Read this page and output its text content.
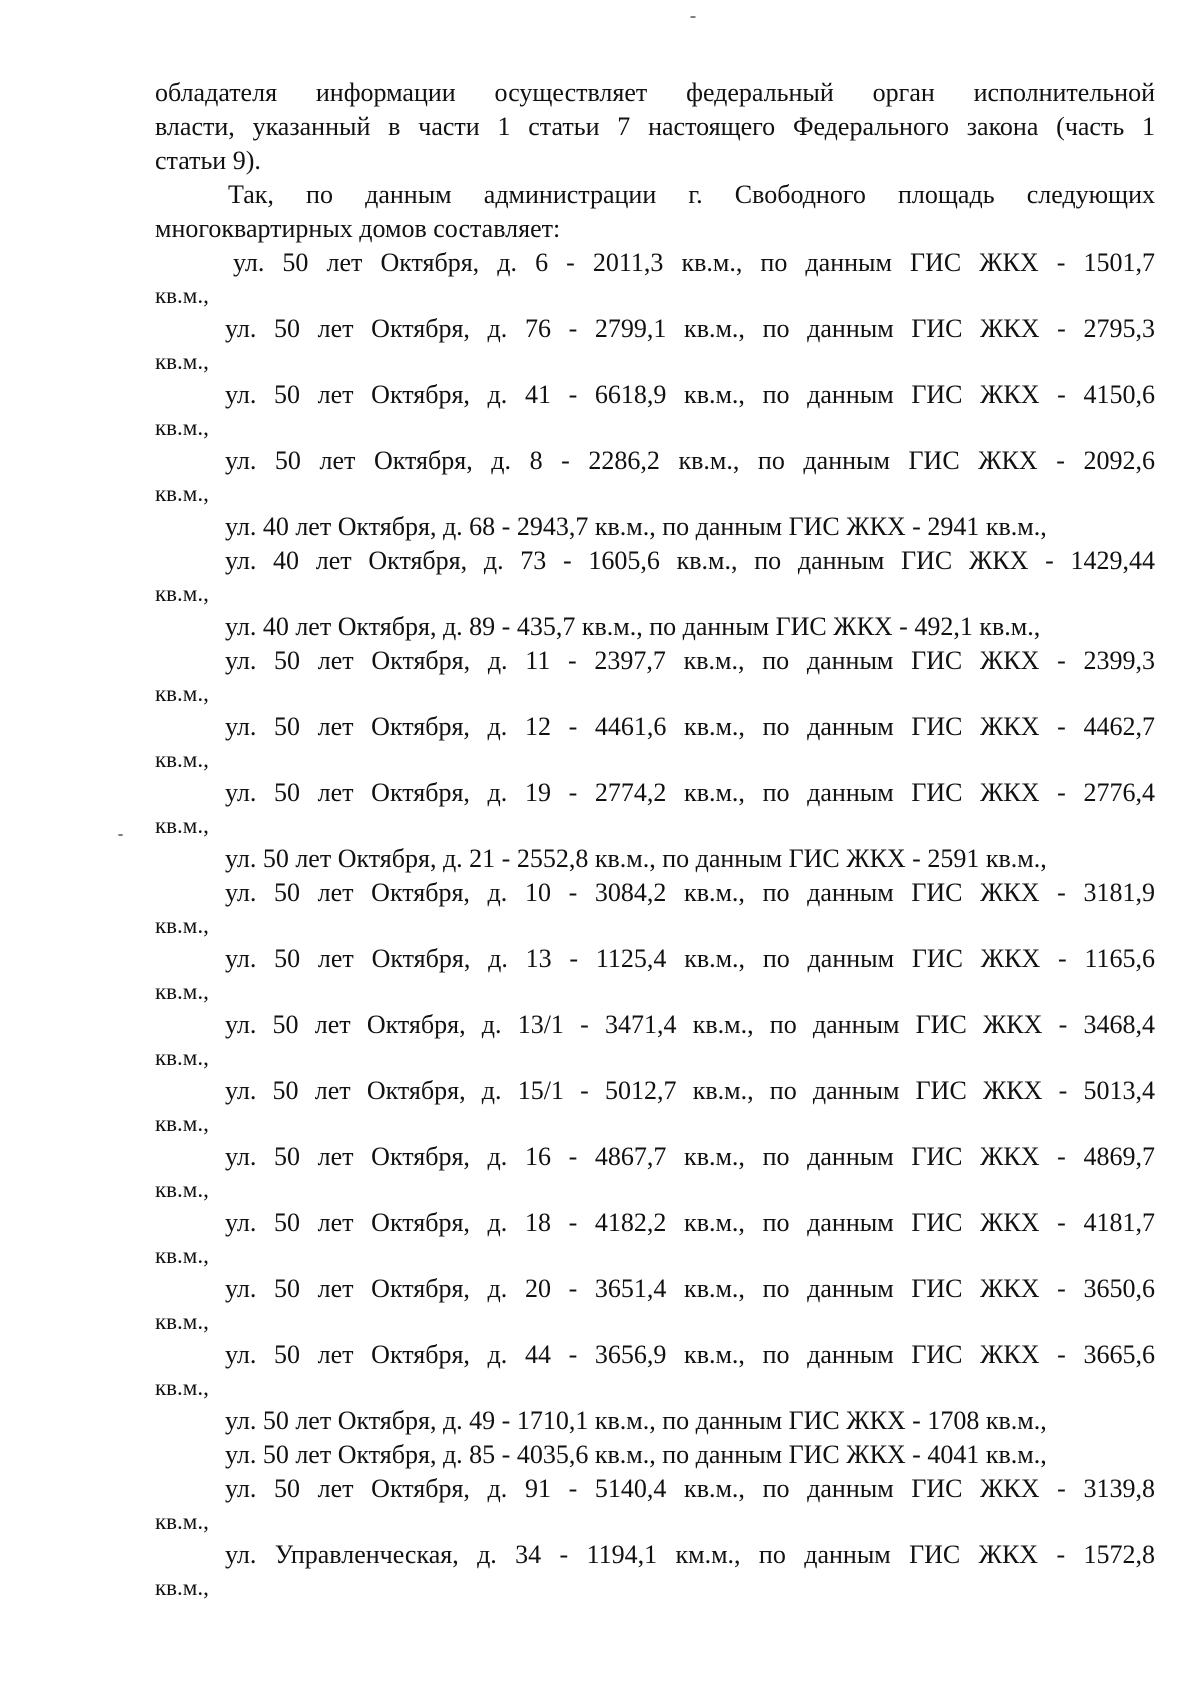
обладателя информации осуществляет федеральный орган исполнительной
власти, указанный в части 1 статьи 7 настоящего Федерального закона (часть 1
статьи 9).
Так, по данным администрации г. Свободного площадь следующих
многоквартирных домов составляет:
ул. 50 лет Октября, д. 6 - 2011,3 кв.м., по данным ГИС ЖКХ - 1501,7
кв.м.,
ул. 50 лет Октября, д. 76 - 2799,1 кв.м., по данным ГИС ЖКХ - 2795,3
кв.м.,
ул. 50 лет Октября, д. 41 - 6618,9 кв.м., по данным ГИС ЖКХ - 4150,6
кв.м.,
ул. 50 лет Октября, д. 8 - 2286,2 кв.м., по данным ГИС ЖКХ - 2092,6
кв.м.,
ул. 40 лет Октября, д. 68 - 2943,7 кв.м., по данным ГИС ЖКХ - 2941 кв.м.,
ул. 40 лет Октября, д. 73 - 1605,6 кв.м., по данным ГИС ЖКХ - 1429,44
кв.м.,
ул. 40 лет Октября, д. 89 - 435,7 кв.м., по данным ГИС ЖКХ - 492,1 кв.м.,
ул. 50 лет Октября, д. 11 - 2397,7 кв.м., по данным ГИС ЖКХ - 2399,3
кв.м.,
ул. 50 лет Октября, д. 12 - 4461,6 кв.м., по данным ГИС ЖКХ - 4462,7
кв.м.,
ул. 50 лет Октября, д. 19 - 2774,2 кв.м., по данным ГИС ЖКХ - 2776,4
кв.м.,
ул. 50 лет Октября, д. 21 - 2552,8 кв.м., по данным ГИС ЖКХ - 2591 кв.м.,
ул. 50 лет Октября, д. 10 - 3084,2 кв.м., по данным ГИС ЖКХ - 3181,9
кв.м.,
ул. 50 лет Октября, д. 13 - 1125,4 кв.м., по данным ГИС ЖКХ - 1165,6
кв.м.,
ул. 50 лет Октября, д. 13/1 - 3471,4 кв.м., по данным ГИС ЖКХ - 3468,4
кв.м.,
ул. 50 лет Октября, д. 15/1 - 5012,7 кв.м., по данным ГИС ЖКХ - 5013,4
кв.м.,
ул. 50 лет Октября, д. 16 - 4867,7 кв.м., по данным ГИС ЖКХ - 4869,7
кв.м.,
ул. 50 лет Октября, д. 18 - 4182,2 кв.м., по данным ГИС ЖКХ - 4181,7
кв.м.,
ул. 50 лет Октября, д. 20 - 3651,4 кв.м., по данным ГИС ЖКХ - 3650,6
кв.м.,
ул. 50 лет Октября, д. 44 - 3656,9 кв.м., по данным ГИС ЖКХ - 3665,6
кв.м.,
ул. 50 лет Октября, д. 49 - 1710,1 кв.м., по данным ГИС ЖКХ - 1708 кв.м.,
ул. 50 лет Октября, д. 85 - 4035,6 кв.м., по данным ГИС ЖКХ - 4041 кв.м.,
ул. 50 лет Октября, д. 91 - 5140,4 кв.м., по данным ГИС ЖКХ - 3139,8
кв.м.,
ул. Управленческая, д. 34 - 1194,1 км.м., по данным ГИС ЖКХ - 1572,8
кв.м.,
